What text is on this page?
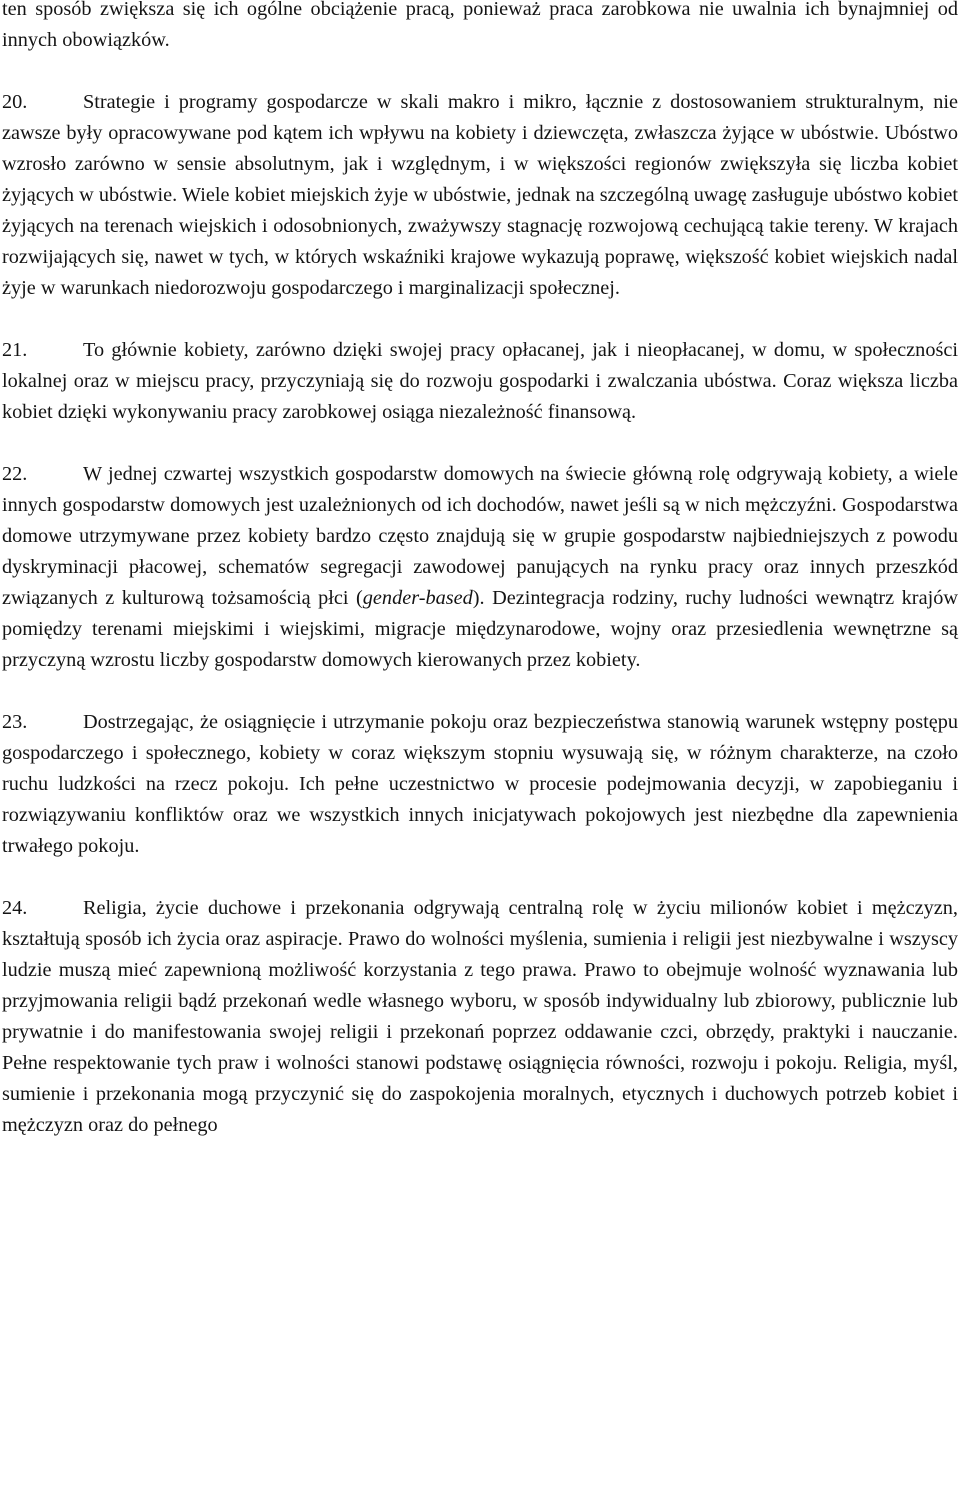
ten sposób zwiększa się ich ogólne obciążenie pracą, ponieważ praca zarobkowa nie uwalnia ich bynajmniej od innych obowiązków.

20.	Strategie i programy gospodarcze w skali makro i mikro, łącznie z dostosowaniem strukturalnym, nie zawsze były opracowywane pod kątem ich wpływu na kobiety i dziewczęta, zwłaszcza żyjące w ubóstwie. Ubóstwo wzrosło zarówno w sensie absolutnym, jak i względnym, i w większości regionów zwiększyła się liczba kobiet żyjących w ubóstwie. Wiele kobiet miejskich żyje w ubóstwie, jednak na szczególną uwagę zasługuje ubóstwo kobiet żyjących na terenach wiejskich i odosobnionych, zważywszy stagnację rozwojową cechującą takie tereny. W krajach rozwijających się, nawet w tych, w których wskaźniki krajowe wykazują poprawę, większość kobiet wiejskich nadal żyje w warunkach niedorozwoju gospodarczego i marginalizacji społecznej.

21.	To głównie kobiety, zarówno dzięki swojej pracy opłacanej, jak i nieopłacanej, w domu, w społeczności lokalnej oraz w miejscu pracy, przyczyniają się do rozwoju gospodarki i zwalczania ubóstwa. Coraz większa liczba kobiet dzięki wykonywaniu pracy zarobkowej osiąga niezależność finansową.

22.	W jednej czwartej wszystkich gospodarstw domowych na świecie główną rolę odgrywają kobiety, a wiele innych gospodarstw domowych jest uzależnionych od ich dochodów, nawet jeśli są w nich mężczyźni. Gospodarstwa domowe utrzymywane przez kobiety bardzo często znajdują się w grupie gospodarstw najbiedniejszych z powodu dyskryminacji płacowej, schematów segregacji zawodowej panujących na rynku pracy oraz innych przeszkód związanych z kulturową tożsamością płci (gender-based). Dezintegracja rodziny, ruchy ludności wewnątrz krajów pomiędzy terenami miejskimi i wiejskimi, migracje międzynarodowe, wojny oraz przesiedlenia wewnętrzne są przyczyną wzrostu liczby gospodarstw domowych kierowanych przez kobiety.

23.	Dostrzegając, że osiągnięcie i utrzymanie pokoju oraz bezpieczeństwa stanowią warunek wstępny postępu gospodarczego i społecznego, kobiety w coraz większym stopniu wysuwają się, w różnym charakterze, na czoło ruchu ludzkości na rzecz pokoju. Ich pełne uczestnictwo w procesie podejmowania decyzji, w zapobieganiu i rozwiązywaniu konfliktów oraz we wszystkich innych inicjatywach pokojowych jest niezbędne dla zapewnienia trwałego pokoju.

24.	Religia, życie duchowe i przekonania odgrywają centralną rolę w życiu milionów kobiet i mężczyzn, kształtują sposób ich życia oraz aspiracje. Prawo do wolności myślenia, sumienia i religii jest niezbywalne i wszyscy ludzie muszą mieć zapewnioną możliwość korzystania z tego prawa. Prawo to obejmuje wolność wyznawania lub przyjmowania religii bądź przekonań wedle własnego wyboru, w sposób indywidualny lub zbiorowy, publicznie lub prywatnie i do manifestowania swojej religii i przekonań poprzez oddawanie czci, obrzędy, praktyki i nauczanie. Pełne respektowanie tych praw i wolności stanowi podstawę osiągnięcia równości, rozwoju i pokoju. Religia, myśl, sumienie i przekonania mogą przyczynić się do zaspokojenia moralnych, etycznych i duchowych potrzeb kobiet i mężczyzn oraz do pełnego
